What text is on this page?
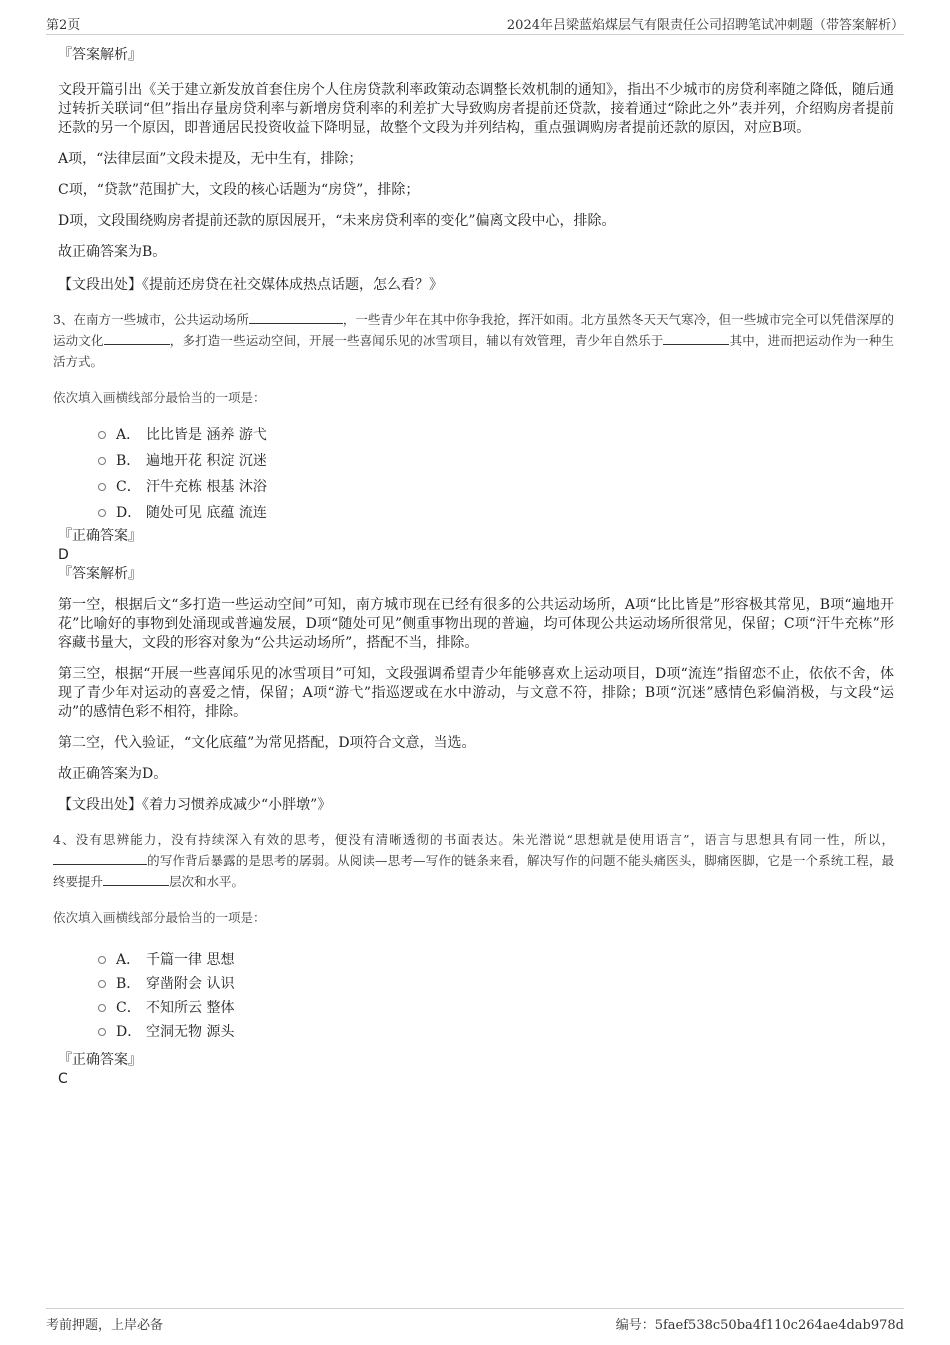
第2页	2024年吕梁蓝焰煤层气有限责任公司招聘笔试冲刺题（带答案解析）

『答案解析』

文段开篇引出《关于建立新发放首套住房个人住房贷款利率政策动态调整长效机制的通知》，指出不少城市的房贷利率随之降低，随后通过转折关联词“但”指出存量房贷利率与新增房贷利率的利差扩大导致购房者提前还贷款，接着通过“除此之外”表并列，介绍购房者提前还款的另一个原因，即普通居民投资收益下降明显，故整个文段为并列结构，重点强调购房者提前还款的原因，对应B项。

A项，“法律层面”文段未提及，无中生有，排除；

C项，“贷款”范围扩大，文段的核心话题为“房贷”，排除；

D项，文段围绕购房者提前还款的原因展开，“未来房贷利率的变化”偏离文段中心，排除。

故正确答案为B。

【文段出处】《提前还房贷在社交媒体成热点话题，怎么看？》

3、在南方一些城市，公共运动场所	，一些青少年在其中你争我抢，挥汗如雨。北方虽然冬天天气寒冷，但一些城市完全可以凭借深厚的运动文化	，多打造一些运动空间，开展一些喜闻乐见的冰雪项目，辅以有效管理，青少年自然乐于	其中，进而把运动作为一种生活方式。

依次填入画横线部分最恰当的一项是：

A． 比比皆是 涵养 游弋
B． 遍地开花 积淀 沉迷
C． 汗牛充栋 根基 沐浴
D． 随处可见 底蕴 流连

『正确答案』

D

『答案解析』

第一空，根据后文“多打造一些运动空间”可知，南方城市现在已经有很多的公共运动场所，A项“比比皆是”形容极其常见，B项“遍地开花”比喻好的事物到处涌现或普遍发展，D项“随处可见”侧重事物出现的普遍，均可体现公共运动场所很常见，保留；C项“汗牛充栋”形容藏书量大，文段的形容对象为“公共运动场所”，搭配不当，排除。

第三空，根据“开展一些喜闻乐见的冰雪项目”可知，文段强调希望青少年能够喜欢上运动项目，D项“流连”指留恋不止，依依不舍，体现了青少年对运动的喜爱之情，保留；A项“游弋”指巡逻或在水中游动，与文意不符，排除；B项“沉迷”感情色彩偏消极，与文段“运动”的感情色彩不相符，排除。

第二空，代入验证，“文化底蕴”为常见搭配，D项符合文意，当选。

故正确答案为D。

【文段出处】《着力习惯养成减少“小胖墩”》

4、没有思辨能力，没有持续深入有效的思考，便没有清晰透彻的书面表达。朱光潜说“思想就是使用语言”，语言与思想具有同一性，所以，的写作背后暴露的是思考的孱弱。从阅读—思考—写作的链条来看，解决写作的问题不能头痛医头，脚痛医脚，它是一个系统工程，最终要提升	层次和水平。

依次填入画横线部分最恰当的一项是：

A． 千篇一律 思想
B． 穿凿附会 认识
C． 不知所云 整体
D． 空洞无物 源头

『正确答案』

C

考前押题，上岸必备	编号：5faef538c50ba4f110c264ae4dab978d
